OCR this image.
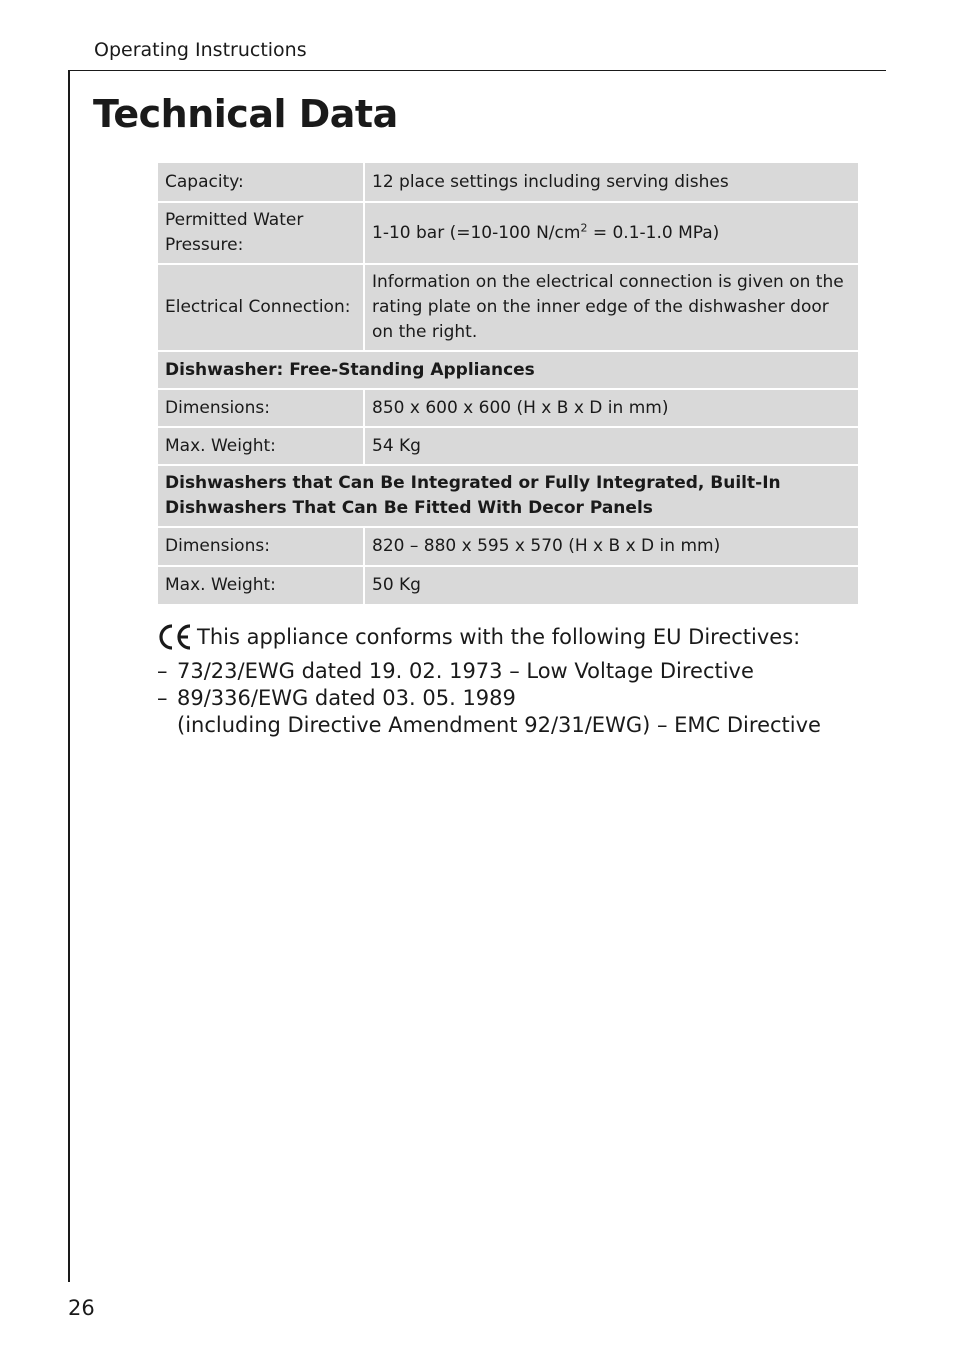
Operating Instructions
Technical Data
Capacity:	12 place settings including serving dishes
Permitted Water Pressure:	1-10 bar (=10-100 $N/cm^2 = 0.1-1.0$ MPa)
Electrical Connection:	Information on the electrical connection is given on the rating plate on the inner edge of the dishwasher door on the right.
Dishwasher: Free-Standing Appliances	
Dimensions:	850 x 600 x 600 (H x B x D in mm)
Max. Weight:	54 Kg
Dishwashers that Can Be Integrated or Fully Integrated, Built-In Dishwashers That Can Be Fitted With Decor Panels	
Dimensions:	820 – 880 x 595 x 570 (H x B x D in mm)
Max. Weight:	50 Kg
This appliance conforms with the following EU Directives:
– 73/23/EWG dated 19. 02. 1973 – Low Voltage Directive
– 89/336/EWG dated 03. 05. 1989
(including Directive Amendment 92/31/EWG) – EMC Directive
26
